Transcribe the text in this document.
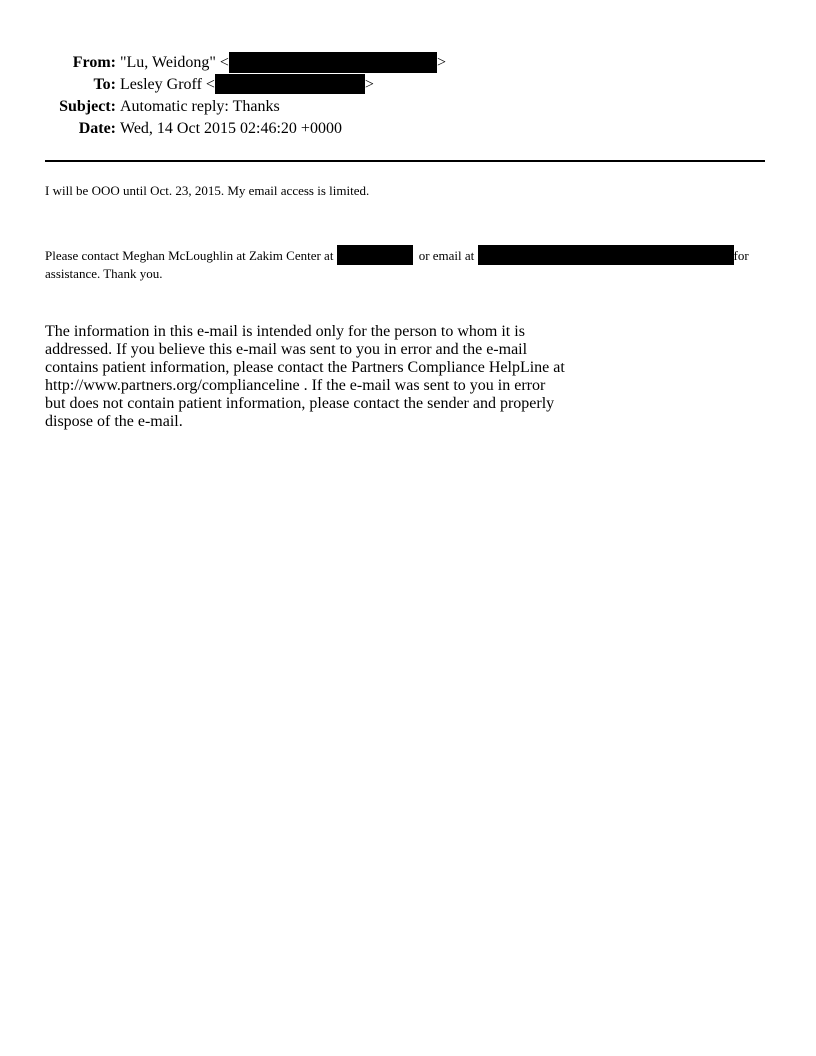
From: "Lu, Weidong" <	>
To: Lesley Groff <	>
Subject: Automatic reply: Thanks
Date: Wed, 14 Oct 2015 02:46:20 +0000
I will be OOO until Oct. 23, 2015. My email access is limited.
Please contact Meghan McLoughlin at Zakim Center at
	or email at
	for
assistance. Thank you.
The information in this e-mail is intended only for the person to whom it is
addressed. If you believe this e-mail was sent to you in error and the e-mail
contains patient information, please contact the Partners Compliance HelpLine at
http://www.partners.org/complianceline . If the e-mail was sent to you in error
but does not contain patient information, please contact the sender and properly
dispose of the e-mail.
